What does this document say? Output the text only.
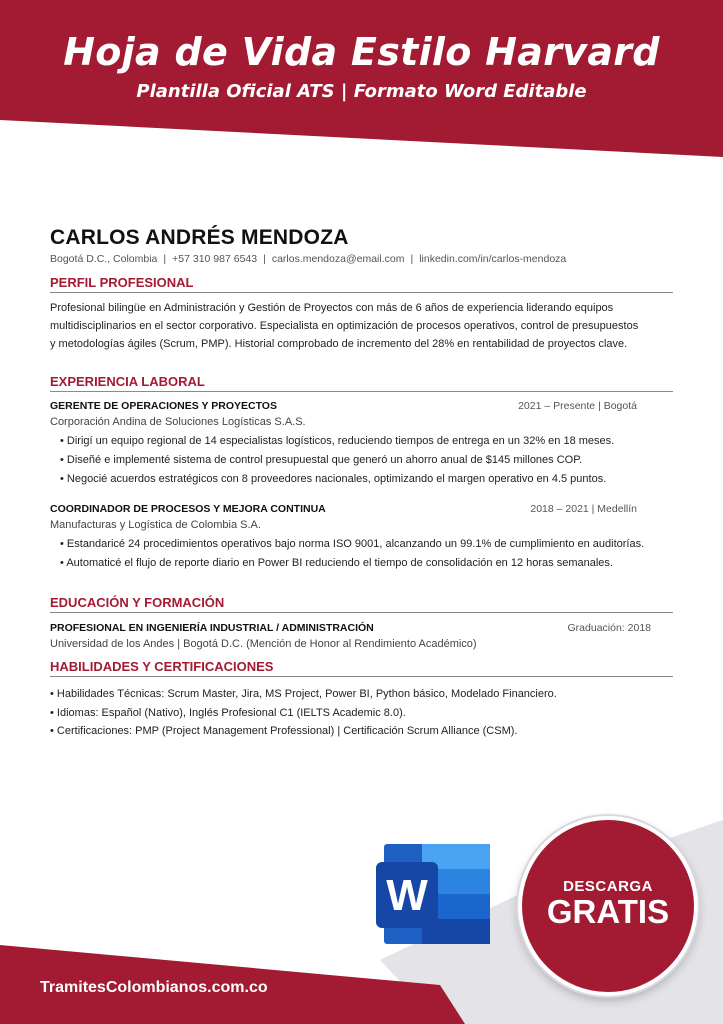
Hoja de Vida Estilo Harvard
Plantilla Oficial ATS | Formato Word Editable
CARLOS ANDRÉS MENDOZA
Bogotá D.C., Colombia | +57 310 987 6543 | carlos.mendoza@email.com | linkedin.com/in/carlos-mendoza
PERFIL PROFESIONAL
Profesional bilingüe en Administración y Gestión de Proyectos con más de 6 años de experiencia liderando equipos
multidisciplinarios en el sector corporativo. Especialista en optimización de procesos operativos, control de presupuestos
y metodologías ágiles (Scrum, PMP). Historial comprobado de incremento del 28% en rentabilidad de proyectos clave.
EXPERIENCIA LABORAL
GERENTE DE OPERACIONES Y PROYECTOS	2021 – Presente | Bogotá
Corporación Andina de Soluciones Logísticas S.A.S.
• Dirigí un equipo regional de 14 especialistas logísticos, reduciendo tiempos de entrega en un 32% en 18 meses.
• Diseñé e implementé sistema de control presupuestal que generó un ahorro anual de $145 millones COP.
• Negocié acuerdos estratégicos con 8 proveedores nacionales, optimizando el margen operativo en 4.5 puntos.
COORDINADOR DE PROCESOS Y MEJORA CONTINUA	2018 – 2021 | Medellín
Manufacturas y Logística de Colombia S.A.
• Estandaricé 24 procedimientos operativos bajo norma ISO 9001, alcanzando un 99.1% de cumplimiento en auditorías.
• Automaticé el flujo de reporte diario en Power BI reduciendo el tiempo de consolidación en 12 horas semanales.
EDUCACIÓN Y FORMACIÓN
PROFESIONAL EN INGENIERÍA INDUSTRIAL / ADMINISTRACIÓN	Graduación: 2018
Universidad de los Andes | Bogotá D.C. (Mención de Honor al Rendimiento Académico)
HABILIDADES Y CERTIFICACIONES
• Habilidades Técnicas: Scrum Master, Jira, MS Project, Power BI, Python básico, Modelado Financiero.
• Idiomas: Español (Nativo), Inglés Profesional C1 (IELTS Academic 8.0).
• Certificaciones: PMP (Project Management Professional) | Certificación Scrum Alliance (CSM).
TramitesColombianos.com.co
W	DESCARGA
GRATIS
